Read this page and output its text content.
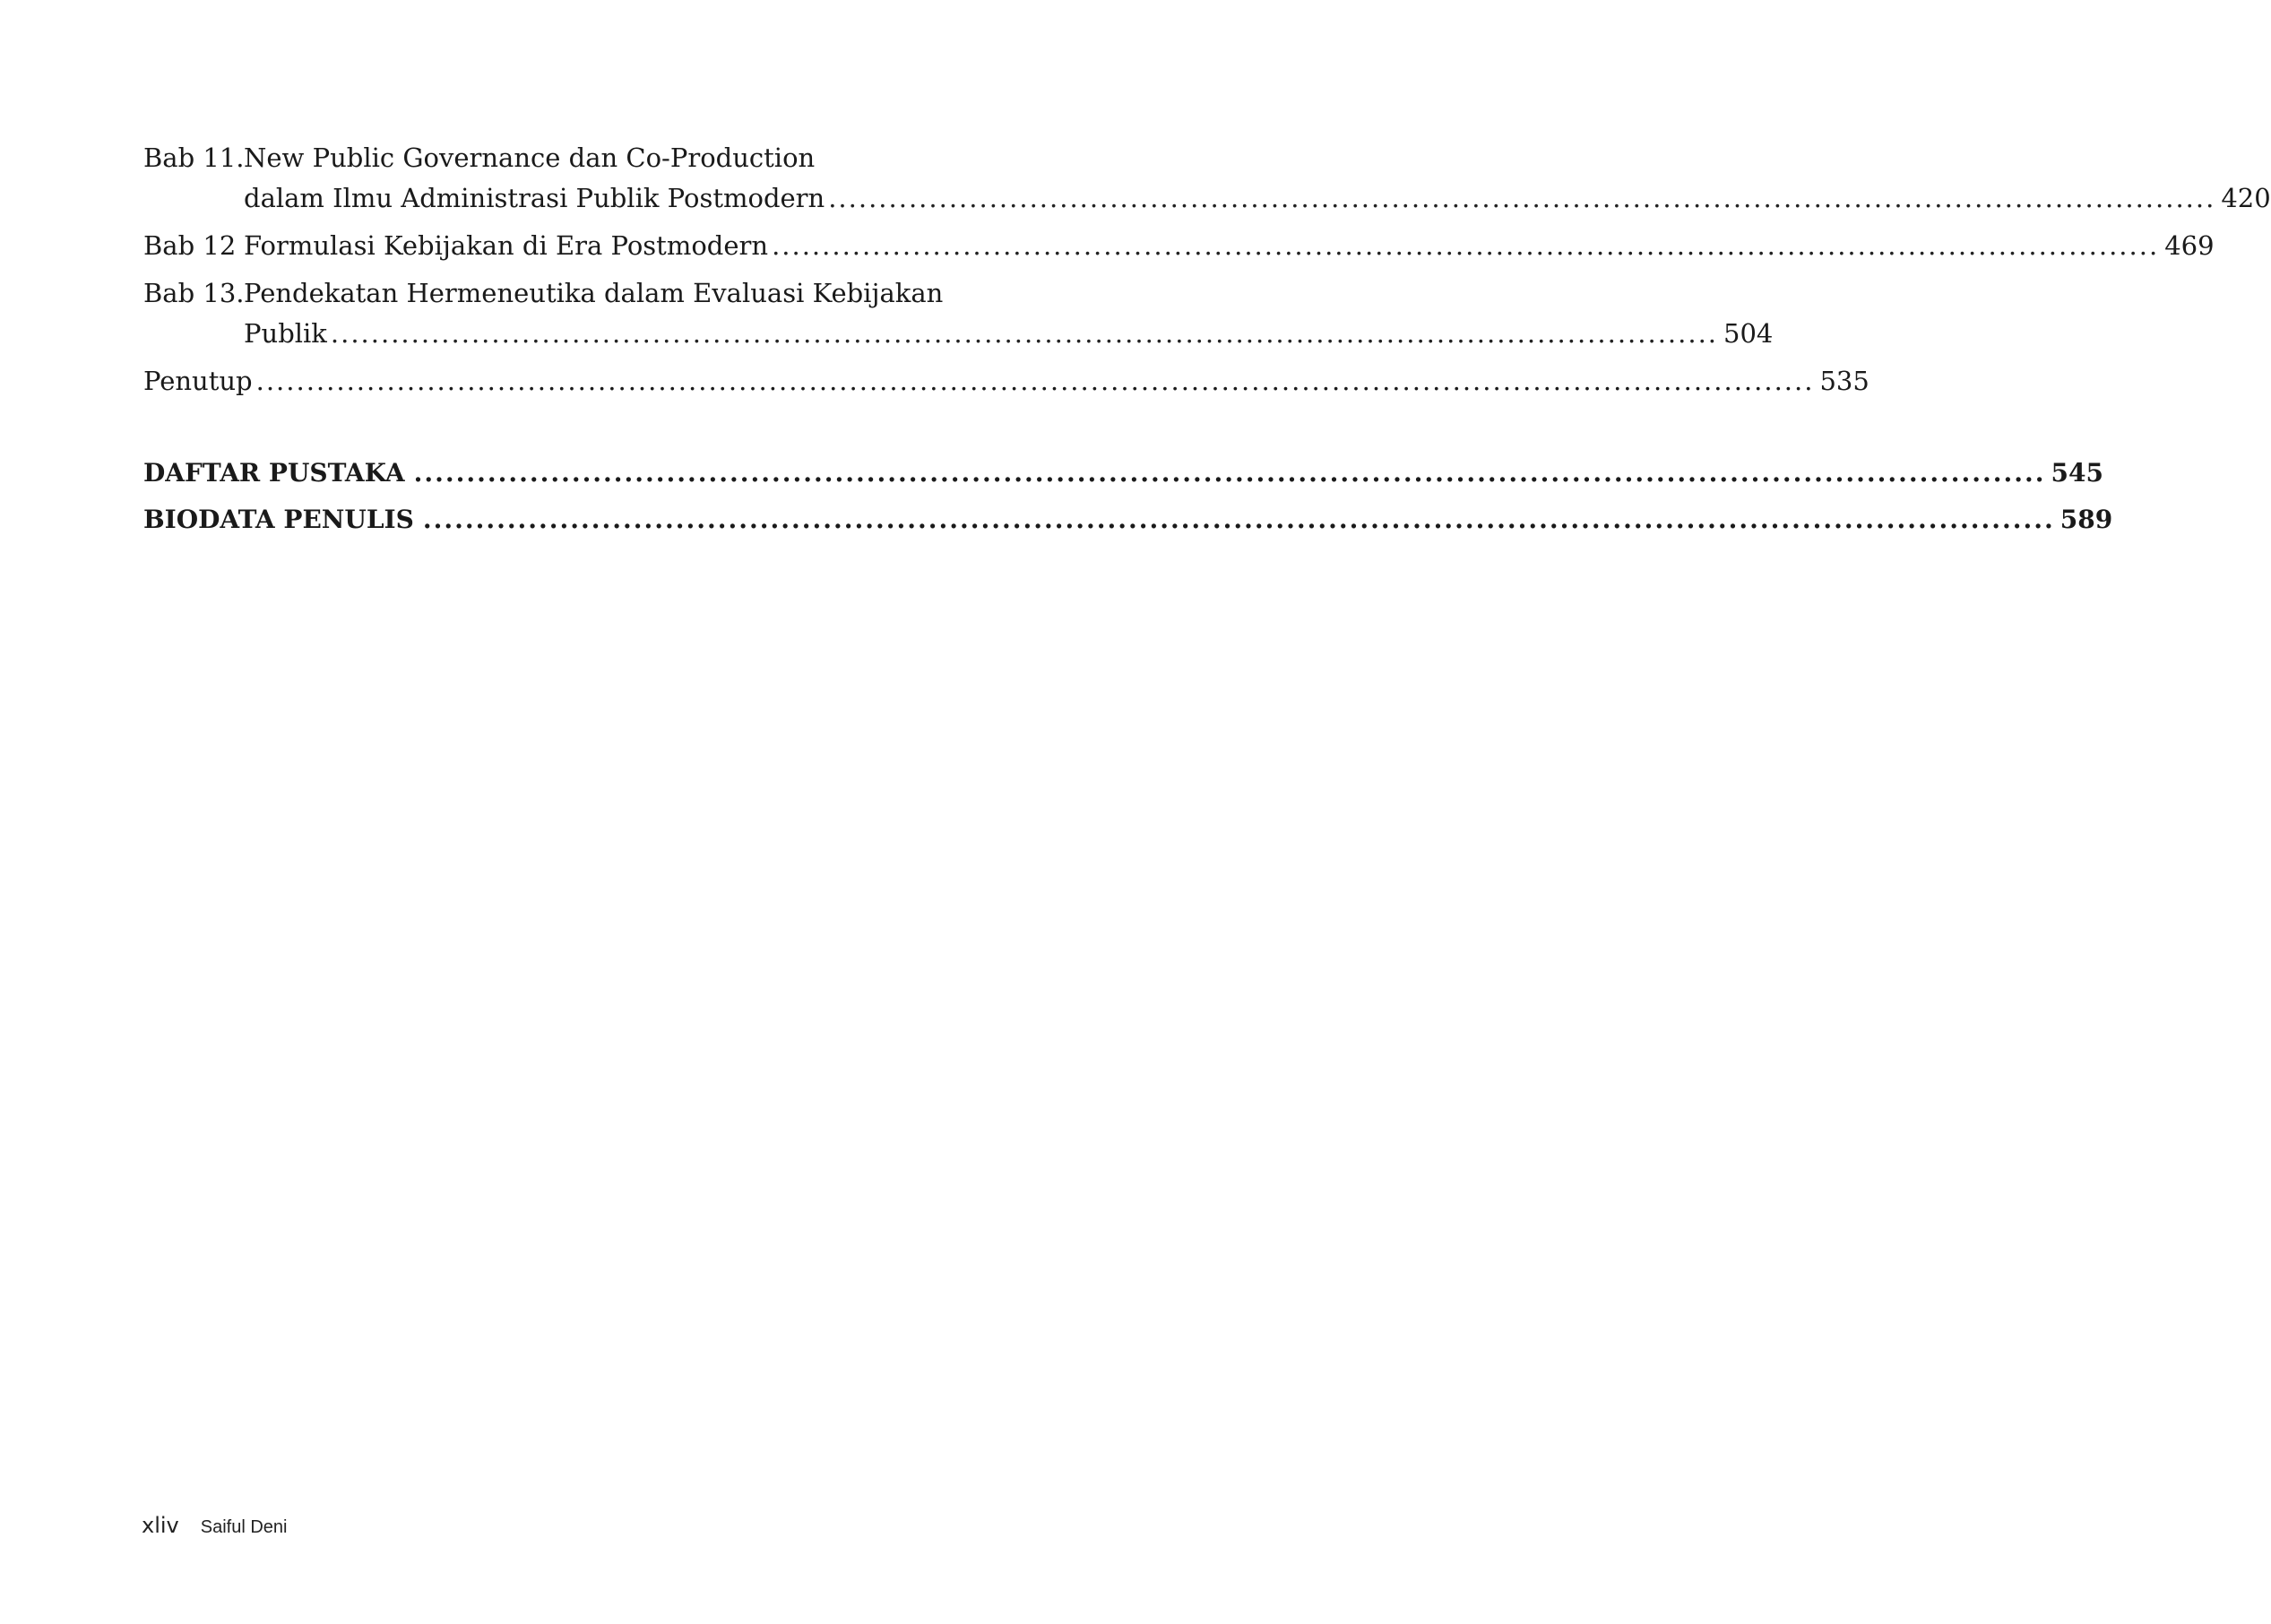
Bab 11. New Public Governance dan Co-Production
dalam Ilmu Administrasi Publik Postmodern .......................................................................................................................................... 420
Bab 12 Formulasi Kebijakan di Era Postmodern .......................................................................................................................................... 469
Bab 13. Pendekatan Hermeneutika dalam Evaluasi Kebijakan
Publik .......................................................................................................................................... 504
Penutup ........................................................................................................................................................... 535
DAFTAR PUSTAKA ........................................................................................................................................................... 545
BIODATA PENULIS ........................................................................................................................................................... 589
xliv Saiful Deni
